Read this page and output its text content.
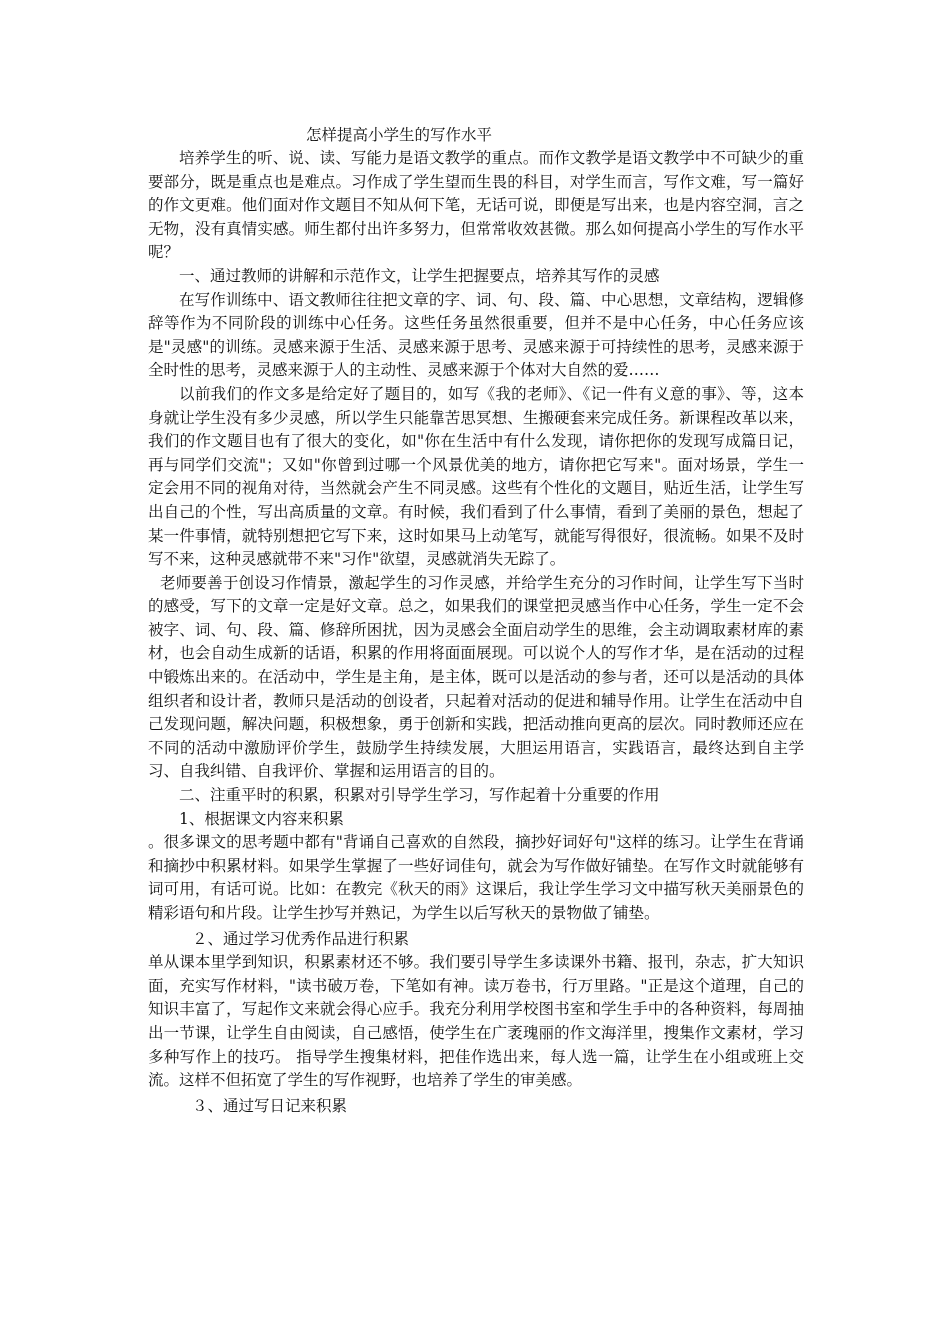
怎样提高小学生的写作水平

培养学生的听、说、读、写能力是语文教学的重点。而作文教学是语文教学中不可缺少的重要部分，既是重点也是难点。习作成了学生望而生畏的科目，对学生而言，写作文难，写一篇好的作文更难。他们面对作文题目不知从何下笔，无话可说，即便是写出来，也是内容空洞，言之无物，没有真情实感。师生都付出许多努力，但常常收效甚微。那么如何提高小学生的写作水平呢？

一、通过教师的讲解和示范作文，让学生把握要点，培养其写作的灵感

在写作训练中、语文教师往往把文章的字、词、句、段、篇、中心思想，文章结构，逻辑修辞等作为不同阶段的训练中心任务。这些任务虽然很重要，但并不是中心任务，中心任务应该是"灵感"的训练。灵感来源于生活、灵感来源于思考、灵感来源于可持续性的思考，灵感来源于全时性的思考，灵感来源于人的主动性、灵感来源于个体对大自然的爱……

以前我们的作文多是给定好了题目的，如写《我的老师》、《记一件有义意的事》、等，这本身就让学生没有多少灵感，所以学生只能靠苦思冥想、生搬硬套来完成任务。新课程改革以来，我们的作文题目也有了很大的变化，如"你在生活中有什么发现，请你把你的发现写成篇日记，再与同学们交流"；又如"你曾到过哪一个风景优美的地方，请你把它写来"。面对场景，学生一定会用不同的视角对待，当然就会产生不同灵感。这些有个性化的文题目，贴近生活，让学生写出自己的个性，写出高质量的文章。有时候，我们看到了什么事情，看到了美丽的景色，想起了某一件事情，就特别想把它写下来，这时如果马上动笔写，就能写得很好，很流畅。如果不及时写不来，这种灵感就带不来"习作"欲望，灵感就消失无踪了。

老师要善于创设习作情景，激起学生的习作灵感，并给学生充分的习作时间，让学生写下当时的感受，写下的文章一定是好文章。总之，如果我们的课堂把灵感当作中心任务，学生一定不会被字、词、句、段、篇、修辞所困扰，因为灵感会全面启动学生的思维，会主动调取素材库的素材，也会自动生成新的话语，积累的作用将面面展现。可以说个人的写作才华，是在活动的过程中锻炼出来的。在活动中，学生是主角，是主体，既可以是活动的参与者，还可以是活动的具体组织者和设计者，教师只是活动的创设者，只起着对活动的促进和辅导作用。让学生在活动中自己发现问题，解决问题，积极想象，勇于创新和实践，把活动推向更高的层次。同时教师还应在不同的活动中激励评价学生，鼓励学生持续发展，大胆运用语言，实践语言，最终达到自主学习、自我纠错、自我评价、掌握和运用语言的目的。

二、注重平时的积累，积累对引导学生学习，写作起着十分重要的作用

1、根据课文内容来积累

。很多课文的思考题中都有"背诵自己喜欢的自然段，摘抄好词好句"这样的练习。让学生在背诵和摘抄中积累材料。如果学生掌握了一些好词佳句，就会为写作做好铺垫。在写作文时就能够有词可用，有话可说。比如：在教完《秋天的雨》这课后，我让学生学习文中描写秋天美丽景色的精彩语句和片段。让学生抄写并熟记，为学生以后写秋天的景物做了铺垫。

２、通过学习优秀作品进行积累

单从课本里学到知识，积累素材还不够。我们要引导学生多读课外书籍、报刊，杂志，扩大知识面，充实写作材料，"读书破万卷，下笔如有神。读万卷书，行万里路。"正是这个道理，自己的知识丰富了，写起作文来就会得心应手。我充分利用学校图书室和学生手中的各种资料，每周抽出一节课，让学生自由阅读，自己感悟，使学生在广袤瑰丽的作文海洋里，搜集作文素材，学习多种写作上的技巧。 指导学生搜集材料，把佳作选出来，每人选一篇，让学生在小组或班上交流。这样不但拓宽了学生的写作视野，也培养了学生的审美感。

３、通过写日记来积累
